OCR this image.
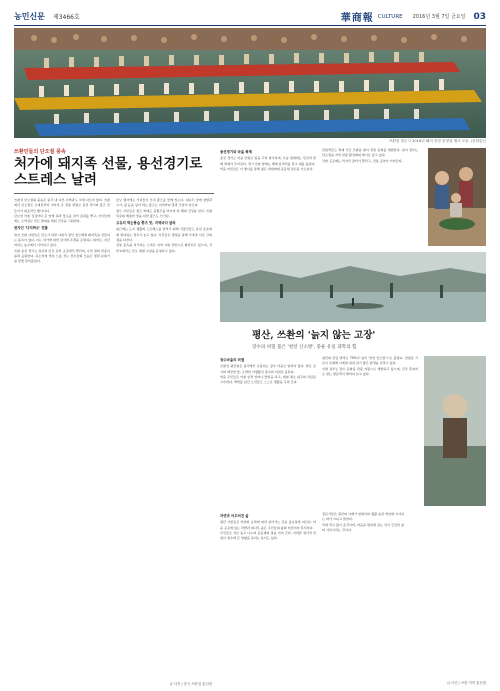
농민신문 제3466호	華商報 CULTURE 2016년 3월 7일 금요일 03
쓰촨성 청두시 2016년 돼지 풍경 잔칫날 행사 모습. /신화통신
쓰촨민들의 단오절 풍속
처가에 돼지족 선물, 용선경기로 스트레스 날려

쓰촨성 단오절의 풍습은 중국 내 다른 지역과도 크게 다르지 않다. 쓰촨에서 단오절은 오래전부터 이어져 온 전통 명절로 용선 경기와 쫑즈 만들기가 대표적인 행사이다.

단오날 아침 집집마다 문 앞에 쑥과 창포를 걸어 잡귀를 쫓고, 아이들에게는 오색실로 만든 팔찌를 채워 건강을 기원한다.

현지인 '다지짜오' 전통

현지 쓰촨 사람들은 단오가 되면 사위가 장인 장모에게 돼지족을 선물하는 풍속이 있다. 이는 처가에 대한 감사와 존경을 표현하는 의미로, 지금까지도 농촌에서 이어지고 있다.

쓰촨 용선 경기는 장강과 민강 유역 곳곳에서 열리며, 수천 명의 관중이 몰려 응원한다. 북소리에 맞춰 노를 젓는 선수들의 모습은 명절 분위기를 한껏 끌어올린다.

단오 행사에는 가족들이 모여 쫑즈를 함께 빚는다. 대나무 잎에 찹쌀과 고기, 팥 등을 넣어 싸는 쫑즈는 지역마다 맛과 모양이 다르다.

청두 시민들은 쫑즈 외에도 웅황주를 마시며 한 해의 건강을 빈다. 쓰촨 특유의 매콤한 맛을 더한 쫑즈도 인기다.

고유의 먹는풍습 쫑즈 맛, 지역마다 달라

최근에는 도시 생활의 스트레스를 날리기 위해 직장인들도 용선 동호회에 참여하는 경우가 늘고 있다. 시민들은 명절을 통해 가족과 이웃 간의 정을 다진다.

전통 풍속을 지키려는 노력은 지역 사회 전반으로 확산되고 있으며, 각 학교에서도 단오 체험 교실을 운영하고 있다.

글·사진 / 중국 쓰촨성 통신원
용선경기와 마을 축제

용선 경기는 마을 단위로 팀을 꾸려 참가하며, 우승 팀에게는 상금과 함께 명예가 주어진다. 경기 전날 밤에는 배에 용머리를 달고 제를 올린다.

마을 어른들은 이 행사를 통해 젊은 세대에게 공동체 정신을 가르친다.

관광객들도 축제 기간 쓰촨을 찾아 전통 문화를 체험한다. 현지 정부는 단오절을 지역 관광 활성화의 계기로 삼고 있다.

강변 곳곳에는 먹거리 장터가 열리고, 전통 공연이 이어진다.

평산, 쓰촨의 '늙지 않는 고장'
장수의 비밀 품은 '천연 산소방', 풍운 유일 과학의 힘
장수마을의 비결

쓰촨성 평산현은 중국에서 손꼽히는 장수 마을로 알려져 있다. 맑은 공기와 깨끗한 물, 소박한 식생활이 장수의 비결로 꼽힌다.

마을 주민들은 아침 일찍 일어나 밭일을 하고, 제철 채소 위주의 식단을 고수한다. 백세를 넘긴 노인들도 스스로 생활을 꾸려 간다.

평산의 산림 면적은 70%가 넘어 '천연 산소방'으로 불린다. 연평균 기온이 온화해 사계절 내내 살기 좋은 환경을 갖추고 있다.

지방 정부는 장수 문화를 관광 자원으로 개발하고 있으며, 건강 휴양지로 찾는 방문객이 해마다 늘고 있다.

자연과 어우러진 삶

평산 사람들은 자연의 순리에 따라 살아가는 것을 중요하게 여긴다. 마을 곳곳에 있는 차밭과 대나무 숲은 주민들의 삶의 터전이자 휴식처다.

주민들은 서로 돕고 나누며 공동체의 정을 이어 간다. 이러한 정서적 안정이 장수에 큰 영향을 준다는 분석도 있다.

전문가들은 평산의 사례가 현대인의 생활 습관 개선에 시사하는 바가 크다고 말한다.

적게 먹고 많이 움직이며, 마음을 편하게 갖는 것이 건강한 삶의 기본이라는 것이다.

글·사진 / 쓰촨 지역 통신원
